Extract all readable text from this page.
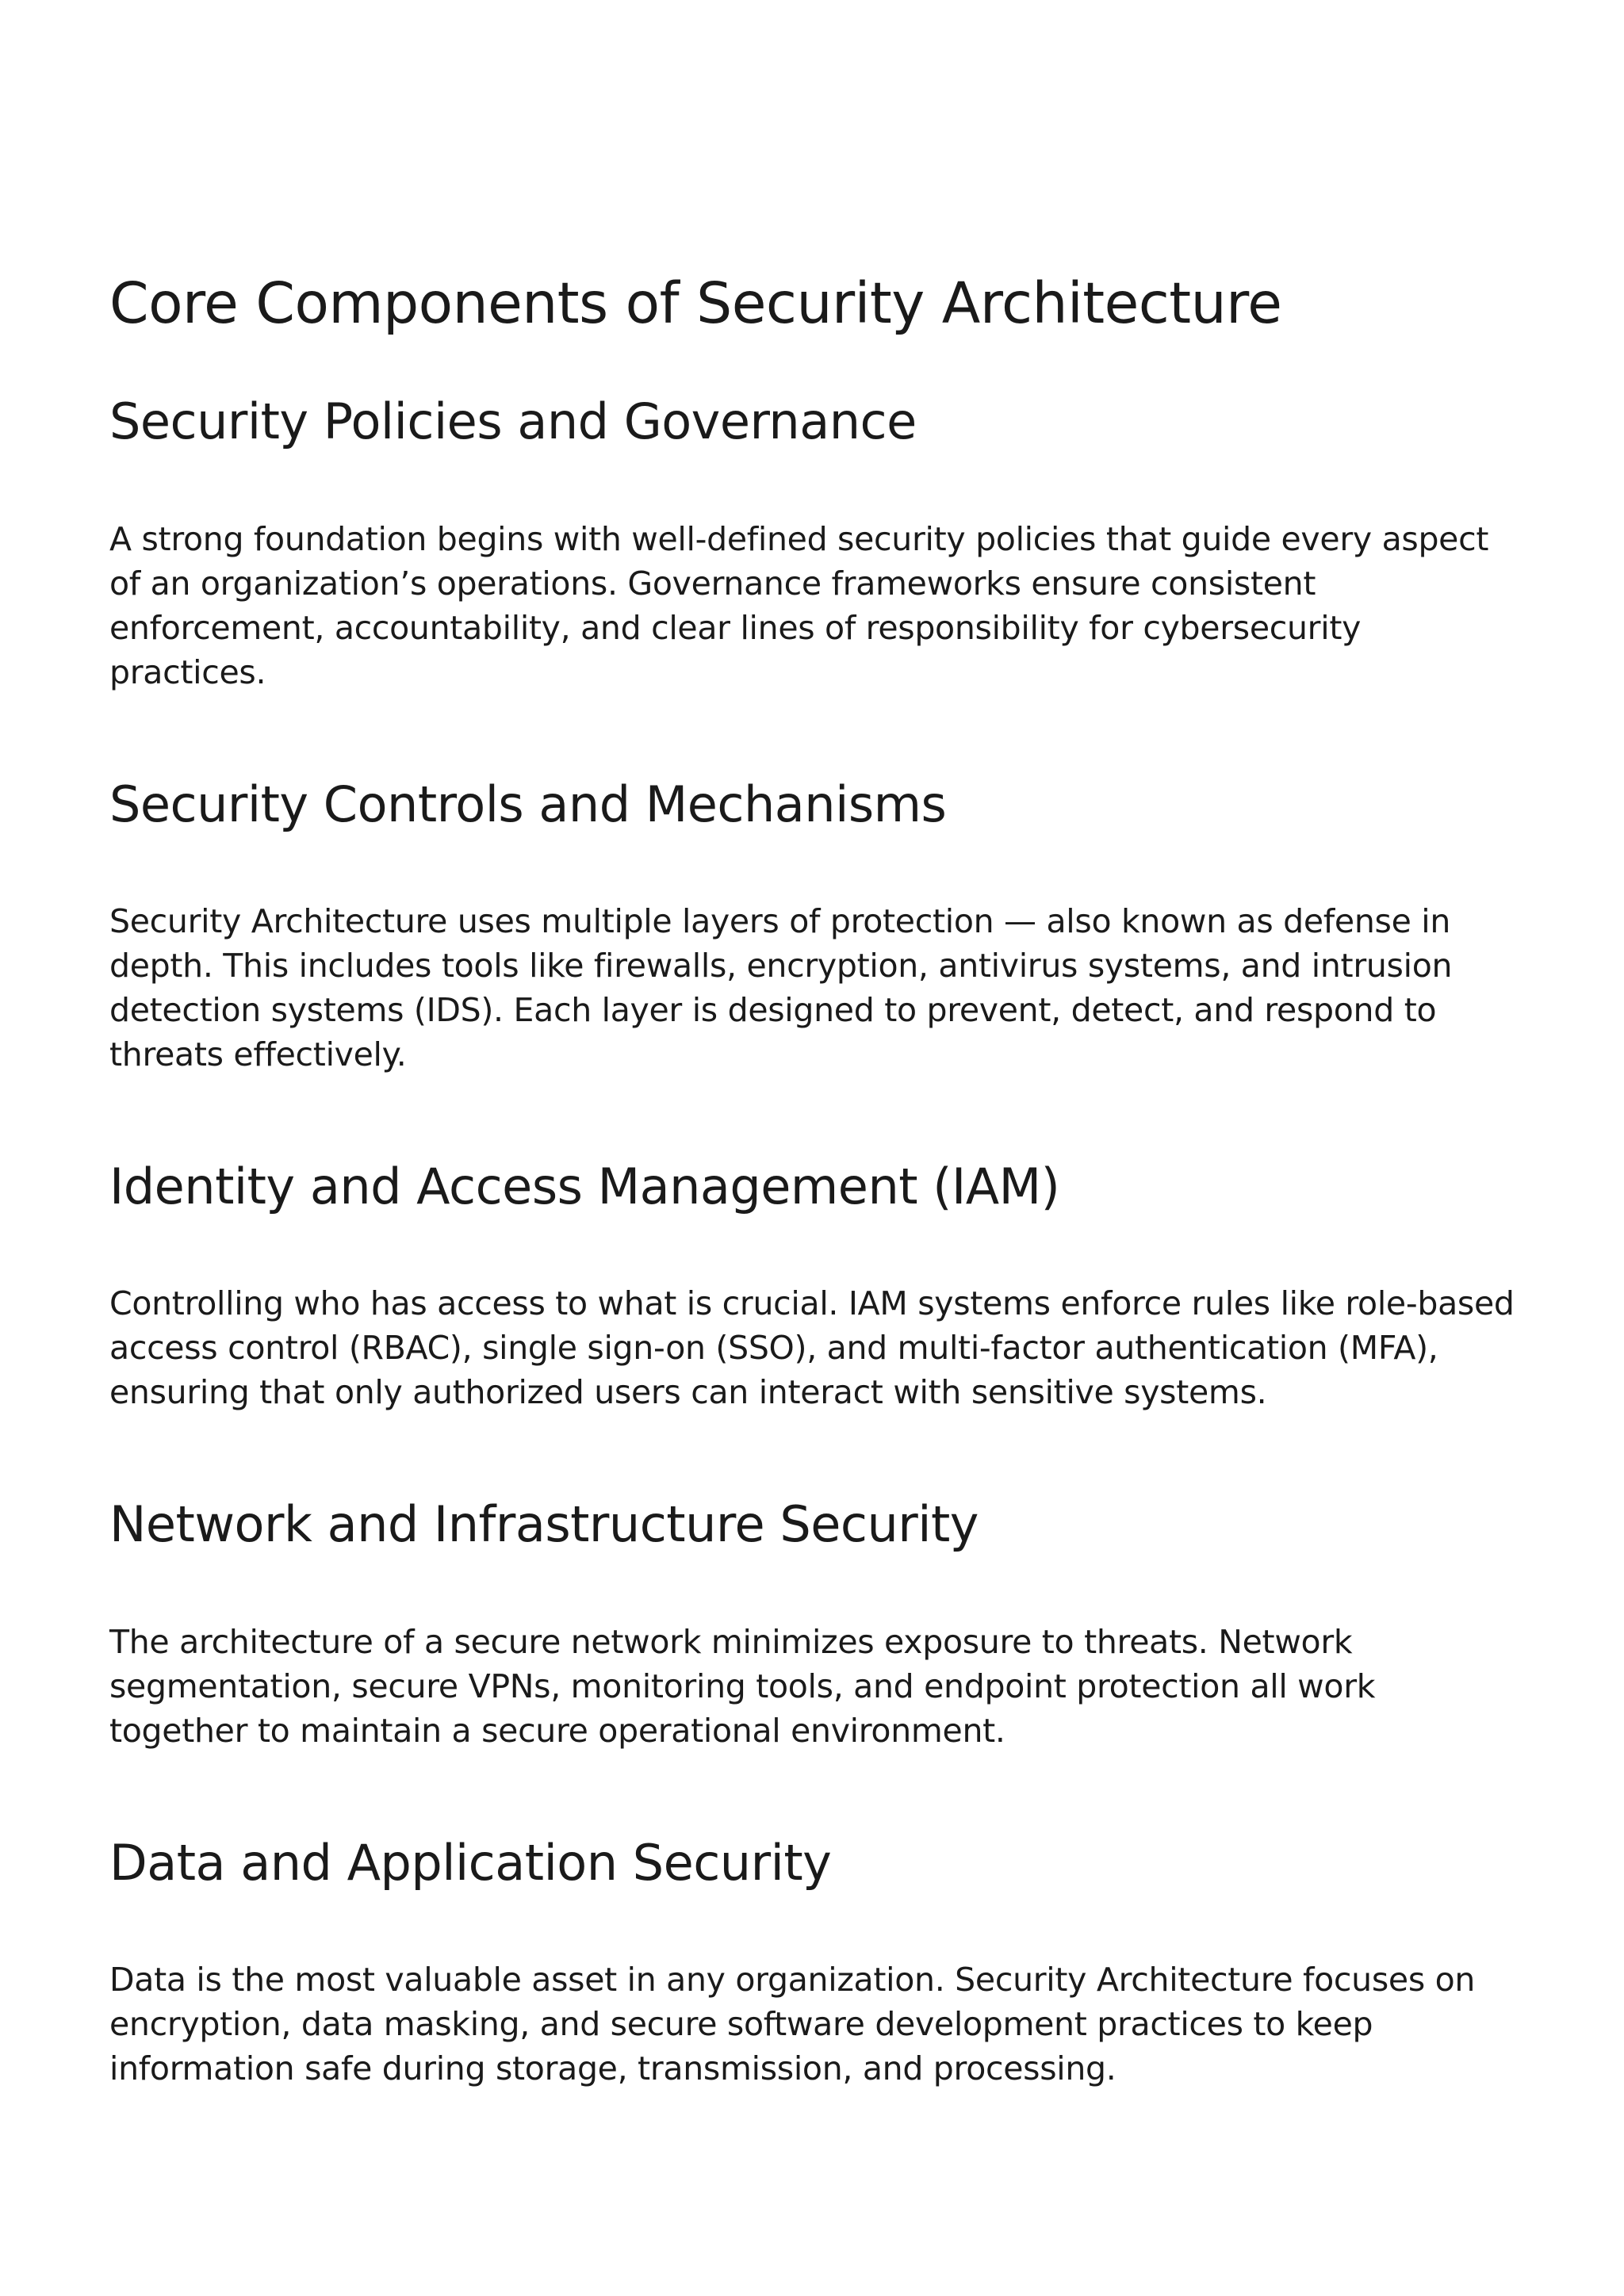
Core Components of Security Architecture
Security Policies and Governance

A strong foundation begins with well-defined security policies that guide every aspect of an organization’s operations. Governance frameworks ensure consistent enforcement, accountability, and clear lines of responsibility for cybersecurity practices.

Security Controls and Mechanisms

Security Architecture uses multiple layers of protection — also known as defense in depth. This includes tools like firewalls, encryption, antivirus systems, and intrusion detection systems (IDS). Each layer is designed to prevent, detect, and respond to threats effectively.

Identity and Access Management (IAM)

Controlling who has access to what is crucial. IAM systems enforce rules like role-based access control (RBAC), single sign-on (SSO), and multi-factor authentication (MFA), ensuring that only authorized users can interact with sensitive systems.

Network and Infrastructure Security

The architecture of a secure network minimizes exposure to threats. Network segmentation, secure VPNs, monitoring tools, and endpoint protection all work together to maintain a secure operational environment.

Data and Application Security

Data is the most valuable asset in any organization. Security Architecture focuses on encryption, data masking, and secure software development practices to keep information safe during storage, transmission, and processing.
